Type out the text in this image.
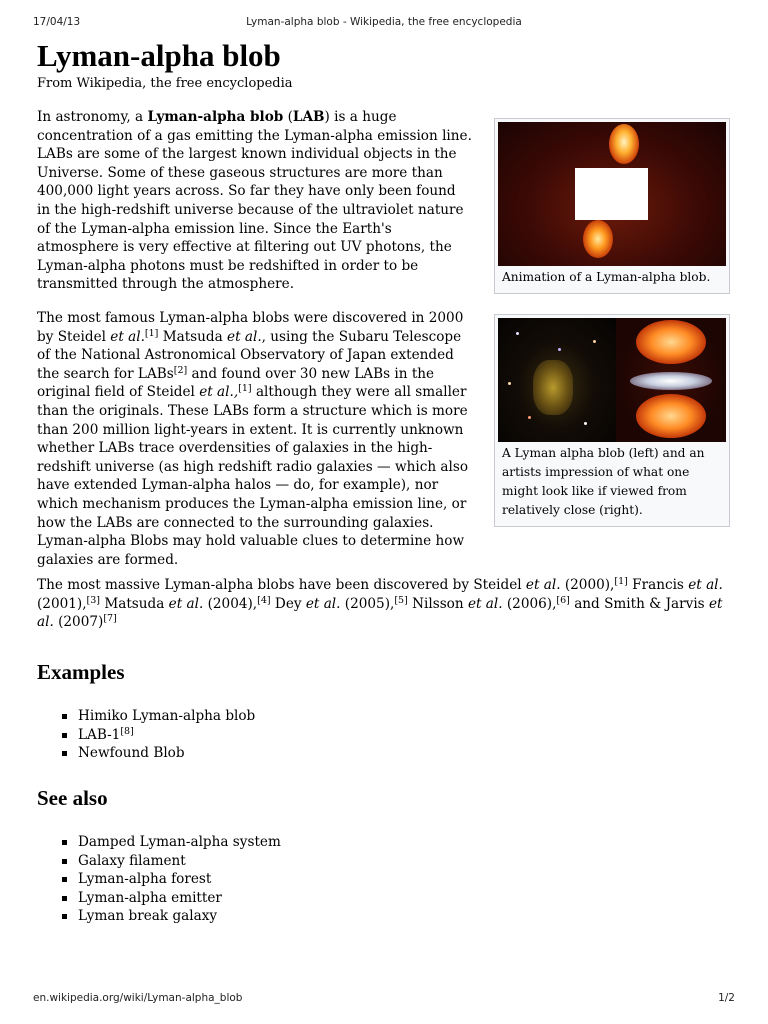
17/04/13	Lyman-alpha blob - Wikipedia, the free encyclopedia
Lyman-alpha blob
From Wikipedia, the free encyclopedia

In astronomy, a Lyman-alpha blob (LAB) is a huge concentration of a gas emitting the Lyman-alpha emission line. LABs are some of the largest known individual objects in the Universe. Some of these gaseous structures are more than 400,000 light years across. So far they have only been found in the high-redshift universe because of the ultraviolet nature of the Lyman-alpha emission line. Since the Earth's atmosphere is very effective at filtering out UV photons, the Lyman-alpha photons must be redshifted in order to be transmitted through the atmosphere.	Animation of a Lyman-alpha blob.

The most famous Lyman-alpha blobs were discovered in 2000 by Steidel et al.[1] Matsuda et al., using the Subaru Telescope of the National Astronomical Observatory of Japan extended the search for LABs[2] and found over 30 new LABs in the original field of Steidel et al.,[1] although they were all smaller than the originals. These LABs form a structure which is more than 200 million light-years in extent. It is currently unknown whether LABs trace overdensities of galaxies in the high-redshift universe (as high redshift radio galaxies — which also have extended Lyman-alpha halos — do, for example), nor which mechanism produces the Lyman-alpha emission line, or how the LABs are connected to the surrounding galaxies. Lyman-alpha Blobs may hold valuable clues to determine how galaxies are formed.

A Lyman alpha blob (left) and an artists impression of what one might look like if viewed from relatively close (right).

The most massive Lyman-alpha blobs have been discovered by Steidel et al. (2000),[1] Francis et al. (2001),[3] Matsuda et al. (2004),[4] Dey et al. (2005),[5] Nilsson et al. (2006),[6] and Smith & Jarvis et al. (2007)[7]

Examples
Himiko Lyman-alpha blob
LAB-1[8]
Newfound Blob
See also
Damped Lyman-alpha system
Galaxy filament
Lyman-alpha forest
Lyman-alpha emitter
Lyman break galaxy
en.wikipedia.org/wiki/Lyman-alpha_blob	1/2
